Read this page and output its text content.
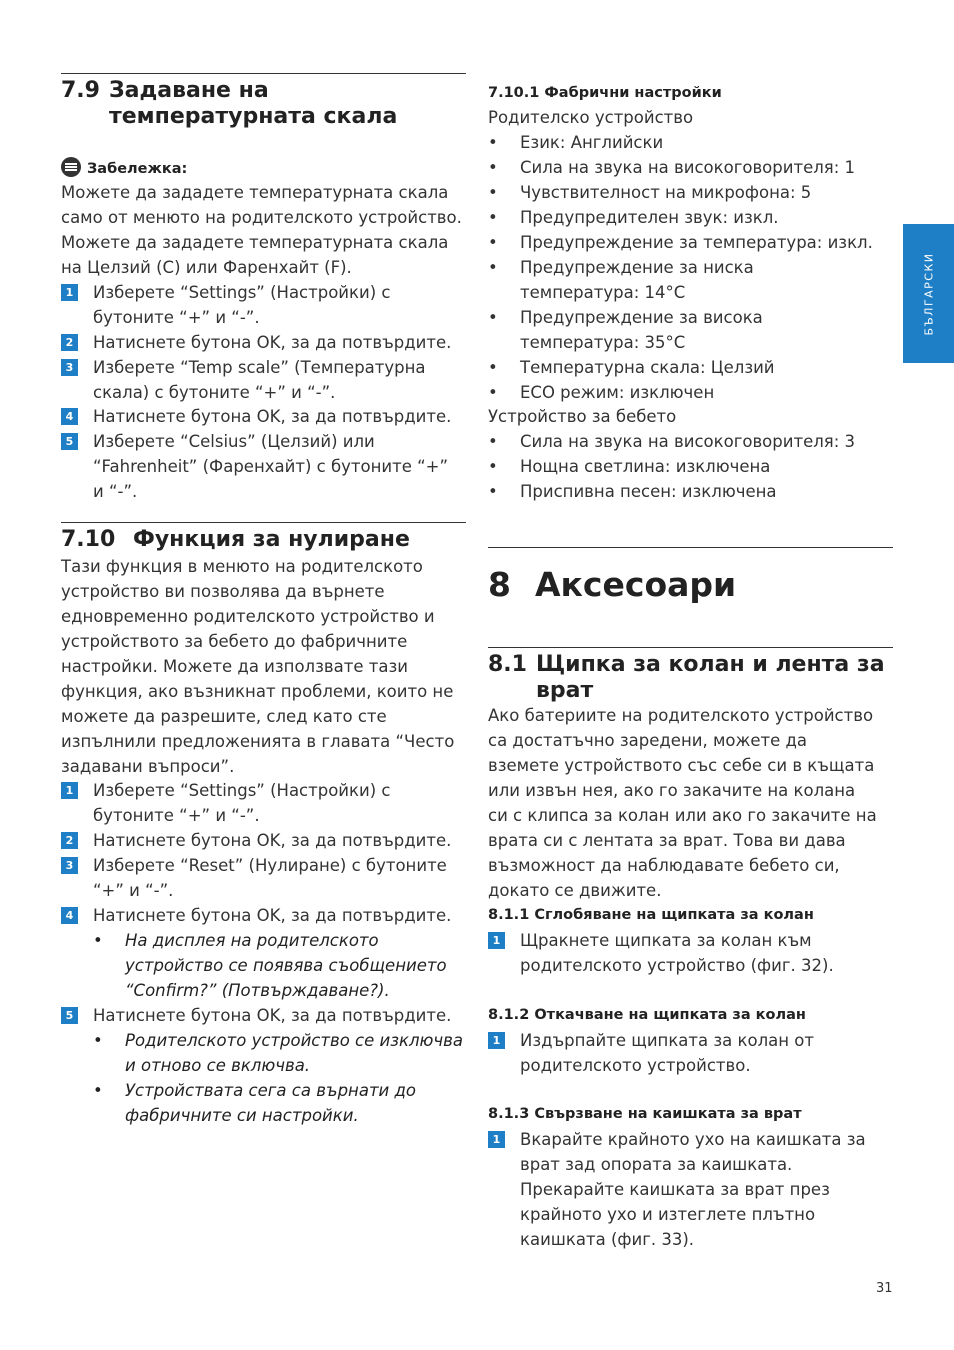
7.9 Задаване на температурната скала
Забележка:
Можете да зададете температурната скала само от менюто на родителското устройство. Можете да зададете температурната скала на Целзий (C) или Фаренхайт (F).
1 Изберете “Settings” (Настройки) с бутоните “+” и “-”.
2 Натиснете бутона OK, за да потвърдите.
3 Изберете “Temp scale” (Температурна скала) с бутоните “+” и “-”.
4 Натиснете бутона OK, за да потвърдите.
5 Изберете “Celsius” (Целзий) или “Fahrenheit” (Фаренхайт) с бутоните “+” и “-”.
7.10 Функция за нулиране
Тази функция в менюто на родителското устройство ви позволява да върнете едновременно родителското устройство и устройството за бебето до фабричните настройки. Можете да използвате тази функция, ако възникнат проблеми, които не можете да разрешите, след като сте изпълнили предложенията в главата “Често задавани въпроси”.
1 Изберете “Settings” (Настройки) с бутоните “+” и “-”.
2 Натиснете бутона OK, за да потвърдите.
3 Изберете “Reset” (Нулиране) с бутоните “+” и “-”.
4 Натиснете бутона OK, за да потвърдите.
• На дисплея на родителското устройство се появява съобщението “Confirm?” (Потвърждаване?).
5 Натиснете бутона OK, за да потвърдите.
• Родителското устройство се изключва и отново се включва.
• Устройствата сега са върнати до фабричните си настройки.
7.10.1 Фабрични настройки
Родителско устройство
• Език: Английски
• Сила на звука на високоговорителя: 1
• Чувствителност на микрофона: 5
• Предупредителен звук: изкл.
• Предупреждение за температура: изкл.
• Предупреждение за ниска температура: 14°C
• Предупреждение за висока температура: 35°C
• Температурна скала: Целзий
• ECO режим: изключен
Устройство за бебето
• Сила на звука на високоговорителя: 3
• Нощна светлина: изключена
• Приспивна песен: изключена
8 Аксесоари
8.1 Щипка за колан и лента за врат
Ако батериите на родителското устройство са достатъчно заредени, можете да вземете устройството със себе си в къщата или извън нея, ако го закачите на колана си с клипса за колан или ако го закачите на врата си с лентата за врат. Това ви дава възможност да наблюдавате бебето си, докато се движите.
8.1.1 Сглобяване на щипката за колан
1 Щракнете щипката за колан към родителското устройство (фиг. 32).
8.1.2 Откачване на щипката за колан
1 Издърпайте щипката за колан от родителското устройство.
8.1.3 Свързване на каишката за врат
1 Вкарайте крайното ухо на каишката за врат зад опората за каишката. Прекарайте каишката за врат през крайното ухо и изтеглете плътно каишката (фиг. 33).
БЪЛГАРСКИ
31
